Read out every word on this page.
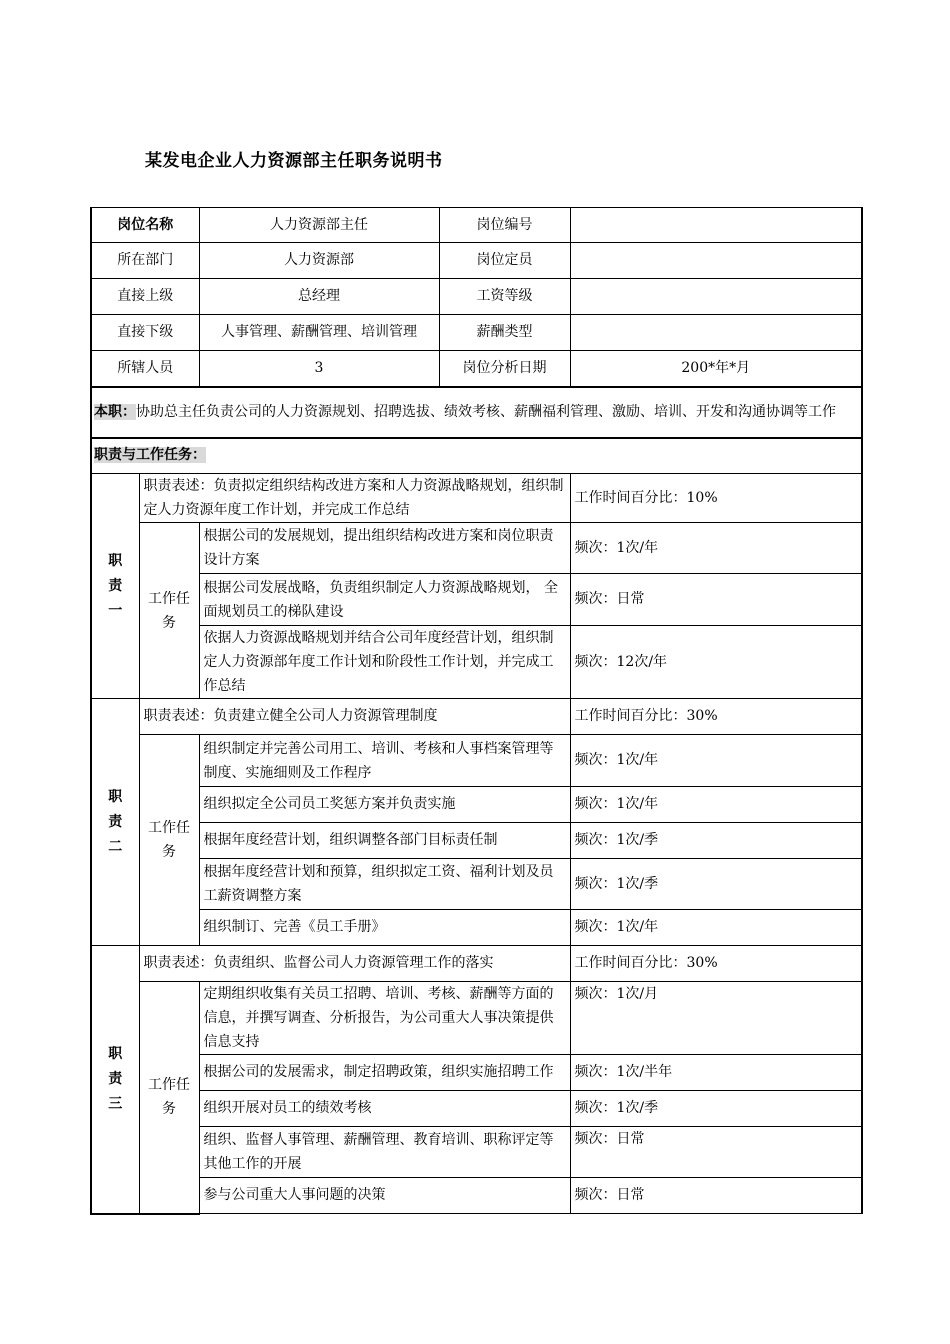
某发电企业人力资源部主任职务说明书
岗位名称		人力资源部主任	岗位编号	
所在部门		人力资源部	岗位定员	
直接上级		总经理	工资等级	
直接下级		人事管理、薪酬管理、培训管理	薪酬类型	
所辖人员		3	岗位分析日期	200*年*月
本职：协助总主任负责公司的人力资源规划、招聘选拔、绩效考核、薪酬福利管理、激励、培训、开发和沟通协调等工作				
职责与工作任务：				

职
责
一	职责表述：负责拟定组织结构改进方案和人力资源战略规划，组织制定人力资源年度工作计划，并完成工作总结			工作时间百分比：10%
	工作任务	根据公司的发展规划，提出组织结构改进方案和岗位职责设计方案		频次：1次/年
		根据公司发展战略，负责组织制定人力资源战略规划， 全面规划员工的梯队建设		频次：日常
		依据人力资源战略规划并结合公司年度经营计划，组织制定人力资源部年度工作计划和阶段性工作计划，并完成工作总结		频次：12次/年

职
责
二	职责表述：负责建立健全公司人力资源管理制度			工作时间百分比：30%
	工作任务	组织制定并完善公司用工、培训、考核和人事档案管理等制度、实施细则及工作程序		频次：1次/年
		组织拟定全公司员工奖惩方案并负责实施		频次：1次/年
		根据年度经营计划，组织调整各部门目标责任制		频次：1次/季
		根据年度经营计划和预算，组织拟定工资、福利计划及员工薪资调整方案		频次：1次/季
		组织制订、完善《员工手册》		频次：1次/年

职
责
三	职责表述：负责组织、监督公司人力资源管理工作的落实			工作时间百分比：30%
	工作任务	定期组织收集有关员工招聘、培训、考核、薪酬等方面的信息，并撰写调查、分析报告，为公司重大人事决策提供信息支持		频次：1次/月
		根据公司的发展需求，制定招聘政策，组织实施招聘工作		频次：1次/半年
		组织开展对员工的绩效考核		频次：1次/季
		组织、监督人事管理、薪酬管理、教育培训、职称评定等其他工作的开展		频次：日常
		参与公司重大人事问题的决策		频次：日常
